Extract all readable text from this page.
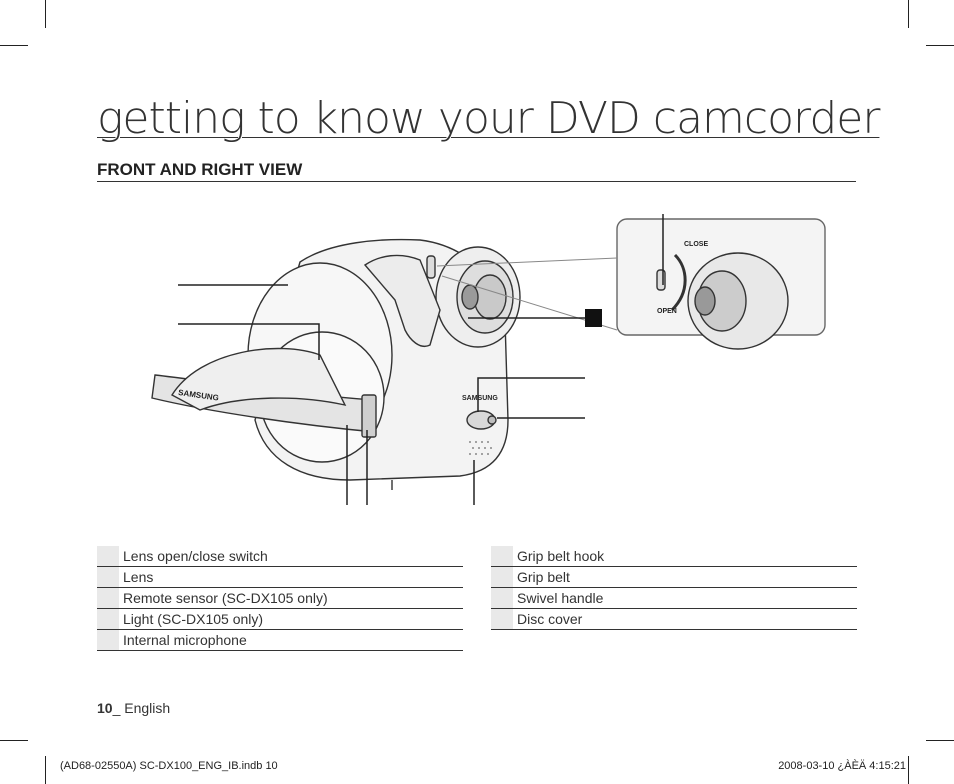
getting to know your DVD camcorder
FRONT AND RIGHT VIEW
SAMSUNG	SAMSUNG
CLOSE
OPEN
Lens open/close switch
Lens
Remote sensor (SC-DX105 only)
Light (SC-DX105 only)
Internal microphone
Grip belt hook
Grip belt
Swivel handle
Disc cover
10_ English
(AD68-02550A) SC-DX100_ENG_IB.indb 10	2008-03-10 ¿ÀÈÄ 4:15:21
